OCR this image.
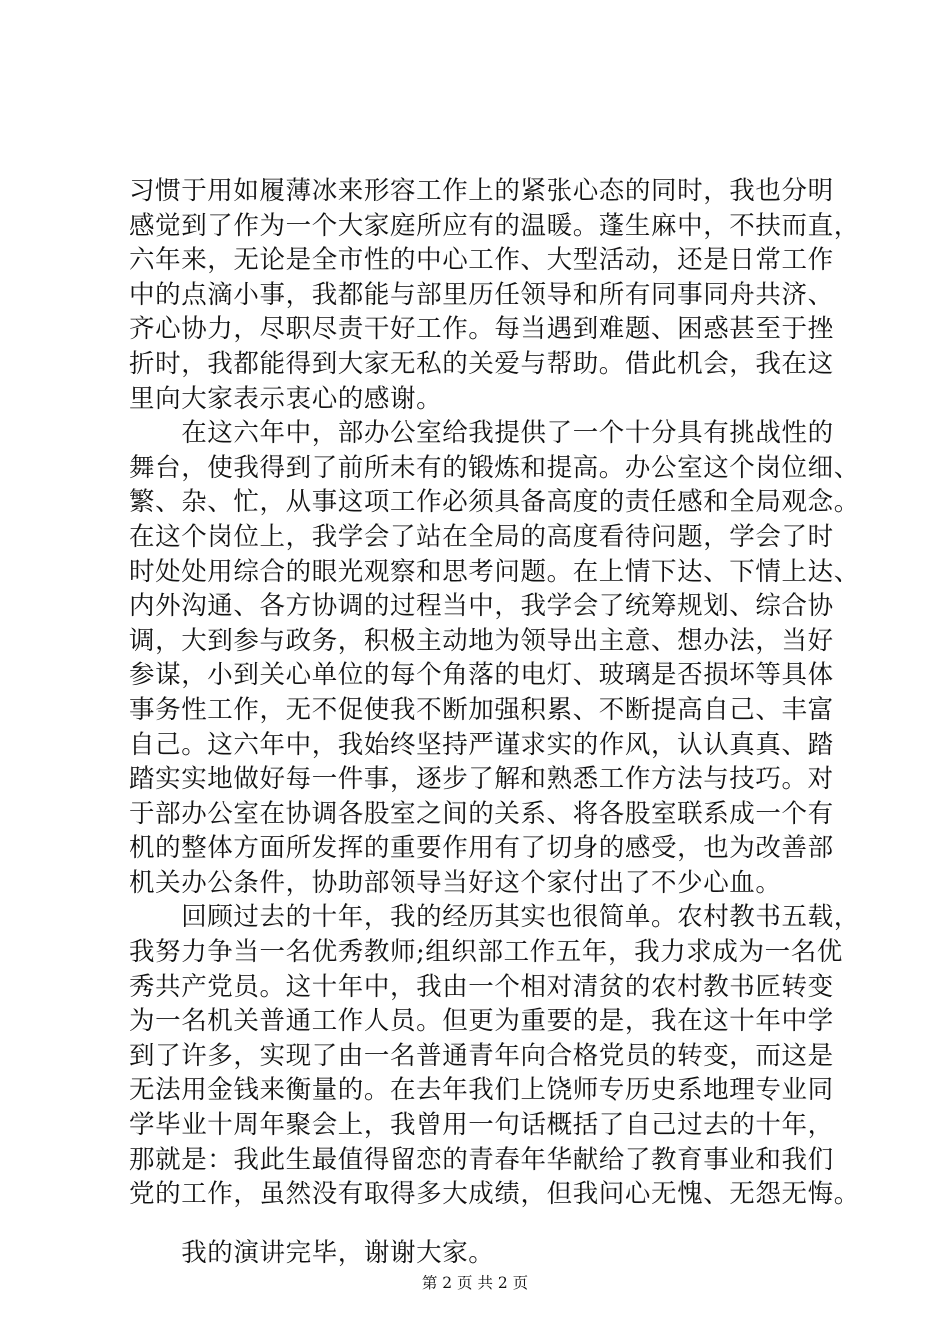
习惯于用如履薄冰来形容工作上的紧张心态的同时，我也分明
感觉到了作为一个大家庭所应有的温暖。蓬生麻中，不扶而直，
六年来，无论是全市性的中心工作、大型活动，还是日常工作
中的点滴小事，我都能与部里历任领导和所有同事同舟共济、
齐心协力，尽职尽责干好工作。每当遇到难题、困惑甚至于挫
折时，我都能得到大家无私的关爱与帮助。借此机会，我在这
里向大家表示衷心的感谢。
　　在这六年中，部办公室给我提供了一个十分具有挑战性的
舞台，使我得到了前所未有的锻炼和提高。办公室这个岗位细、
繁、杂、忙，从事这项工作必须具备高度的责任感和全局观念。
在这个岗位上，我学会了站在全局的高度看待问题，学会了时
时处处用综合的眼光观察和思考问题。在上情下达、下情上达、
内外沟通、各方协调的过程当中，我学会了统筹规划、综合协
调，大到参与政务，积极主动地为领导出主意、想办法，当好
参谋，小到关心单位的每个角落的电灯、玻璃是否损坏等具体
事务性工作，无不促使我不断加强积累、不断提高自己、丰富
自己。这六年中，我始终坚持严谨求实的作风，认认真真、踏
踏实实地做好每一件事，逐步了解和熟悉工作方法与技巧。对
于部办公室在协调各股室之间的关系、将各股室联系成一个有
机的整体方面所发挥的重要作用有了切身的感受，也为改善部
机关办公条件，协助部领导当好这个家付出了不少心血。
　　回顾过去的十年，我的经历其实也很简单。农村教书五载，
我努力争当一名优秀教师;组织部工作五年，我力求成为一名优
秀共产党员。这十年中，我由一个相对清贫的农村教书匠转变
为一名机关普通工作人员。但更为重要的是，我在这十年中学
到了许多，实现了由一名普通青年向合格党员的转变，而这是
无法用金钱来衡量的。在去年我们上饶师专历史系地理专业同
学毕业十周年聚会上，我曾用一句话概括了自己过去的十年，
那就是：我此生最值得留恋的青春年华献给了教育事业和我们
党的工作，虽然没有取得多大成绩，但我问心无愧、无怨无悔。
　　我的演讲完毕，谢谢大家。
第 2 页 共 2 页
